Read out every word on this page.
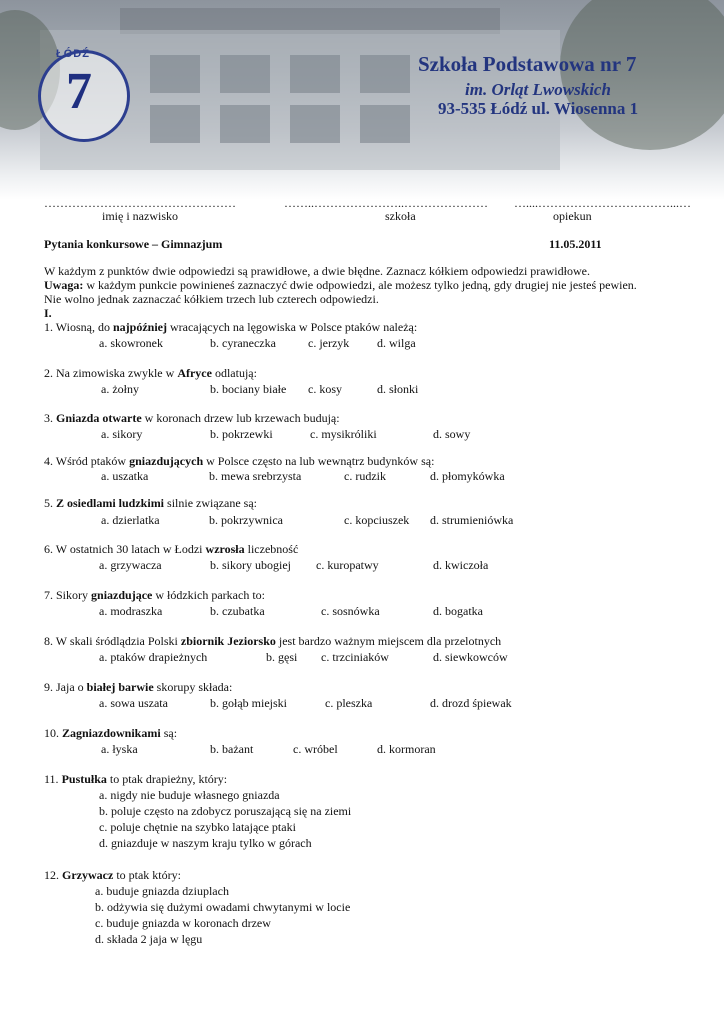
ŁÓDŹ
7	Szkoła Podstawowa nr 7
im. Orląt Lwowskich
93-535 Łódź ul. Wiosenna 1
…………………………………………	……..…………………..………………… …....……………………………...…
imię i nazwisko	szkoła	opiekun
Pytania konkursowe – Gimnazjum	11.05.2011
W każdym z punktów dwie odpowiedzi są prawidłowe, a dwie błędne. Zaznacz kółkiem odpowiedzi prawidłowe.
Uwaga: w każdym punkcie powinieneś zaznaczyć dwie odpowiedzi, ale możesz tylko jedną, gdy drugiej nie jesteś pewien.
Nie wolno jednak zaznaczać kółkiem trzech lub czterech odpowiedzi.
I.
1. Wiosną, do najpóźniej wracających na lęgowiska w Polsce ptaków należą:
a. skowronek	b. cyraneczka	c. jerzyk d. wilga
2. Na zimowiska zwykle w Afryce odlatują:
a. żołny	b. bociany białe c. kosy	d. słonki
3. Gniazda otwarte w koronach drzew lub krzewach budują:
a. sikory	b. pokrzewki	c. mysikróliki	d. sowy
4. Wśród ptaków gniazdujących w Polsce często na lub wewnątrz budynków są:
a. uszatka	b. mewa srebrzysta	c. rudzik	d. płomykówka
5. Z osiedlami ludzkimi silnie związane są:
a. dzierlatka	b. pokrzywnica	c. kopciuszek d. strumieniówka
6. W ostatnich 30 latach w Łodzi wzrosła liczebność
a. grzywacza	b. sikory ubogiej c. kuropatwy	d. kwiczoła
7. Sikory gniazdujące w łódzkich parkach to:
a. modraszka	b. czubatka	c. sosnówka	d. bogatka
8. W skali śródlądzia Polski zbiornik Jeziorsko jest bardzo ważnym miejscem dla przelotnych
a. ptaków drapieżnych	b. gęsi c. trzciniaków	d. siewkowców
9. Jaja o białej barwie skorupy składa:
a. sowa uszata	b. gołąb miejski	c. pleszka	d. drozd śpiewak
10. Zagniazdownikami są:
a. łyska	b. bażant	c. wróbel	d. kormoran
11. Pustułka to ptak drapieżny, który:
a. nigdy nie buduje własnego gniazda
b. poluje często na zdobycz poruszającą się na ziemi
c. poluje chętnie na szybko latające ptaki
d. gniazduje w naszym kraju tylko w górach
12. Grzywacz to ptak który:
a. buduje gniazda dziuplach
b. odżywia się dużymi owadami chwytanymi w locie
c. buduje gniazda w koronach drzew
d. składa 2 jaja w lęgu
